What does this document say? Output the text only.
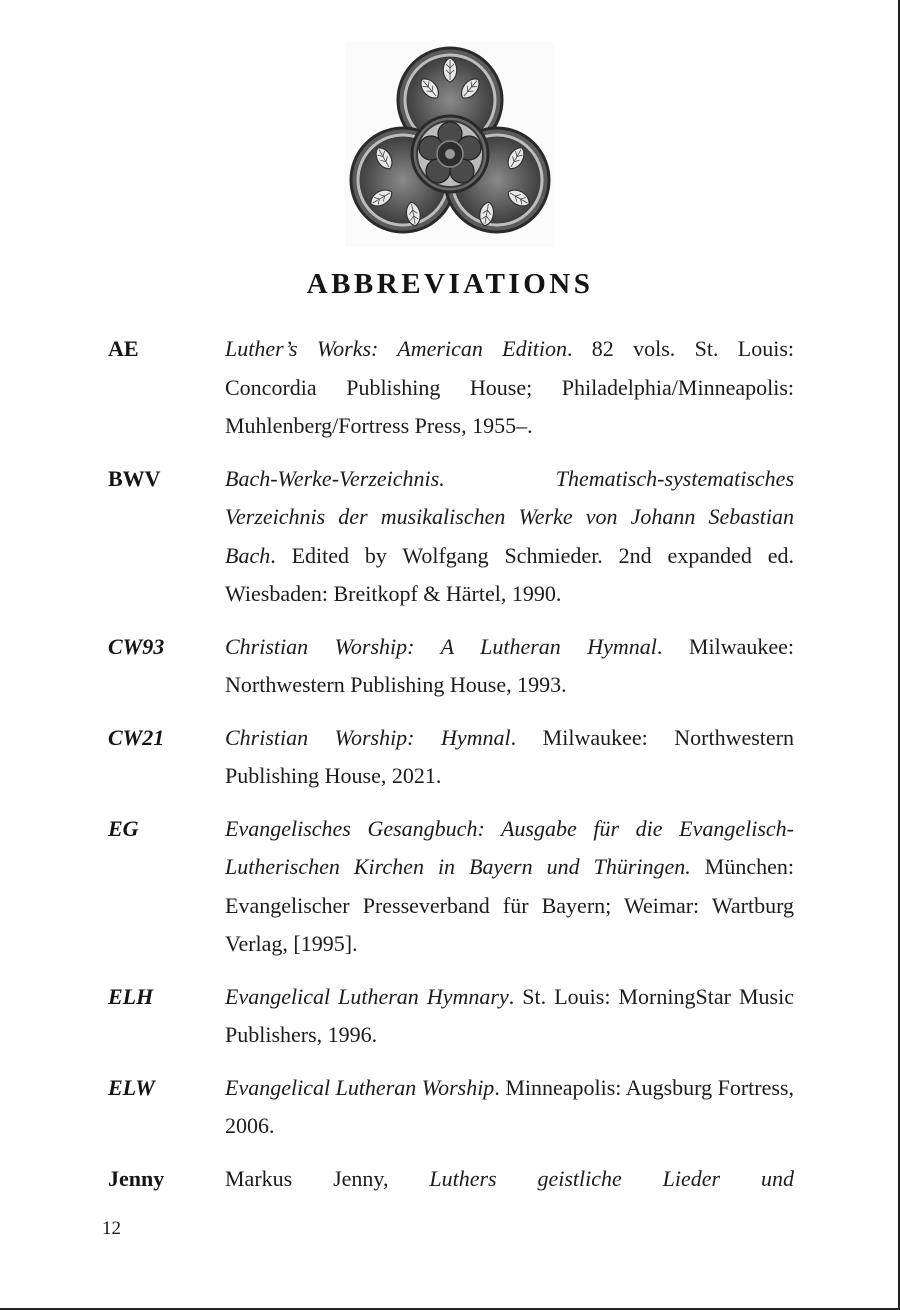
ABBREVIATIONS
AE	Luther’s Works: American Edition. 82 vols. St. Louis: Concordia Publishing House; Philadelphia/Minneapolis: Muhlenberg/Fortress Press, 1955–.
BWV	Bach-Werke-Verzeichnis. Thematisch-systematisches Verzeichnis der musikalischen Werke von Johann Sebastian Bach. Edited by Wolfgang Schmieder. 2nd expanded ed. Wiesbaden: Breitkopf & Härtel, 1990.
CW93	Christian Worship: A Lutheran Hymnal. Milwaukee: Northwestern Publishing House, 1993.
CW21	Christian Worship: Hymnal. Milwaukee: Northwestern Publishing House, 2021.
EG	Evangelisches Gesangbuch: Ausgabe für die Evangelisch-Lutherischen Kirchen in Bayern und Thüringen. München: Evangelischer Presseverband für Bayern; Weimar: Wartburg Verlag, [1995].
ELH	Evangelical Lutheran Hymnary. St. Louis: MorningStar Music Publishers, 1996.
ELW	Evangelical Lutheran Worship. Minneapolis: Augsburg Fortress, 2006.
Jenny	Markus Jenny, Luthers geistliche Lieder und
12
